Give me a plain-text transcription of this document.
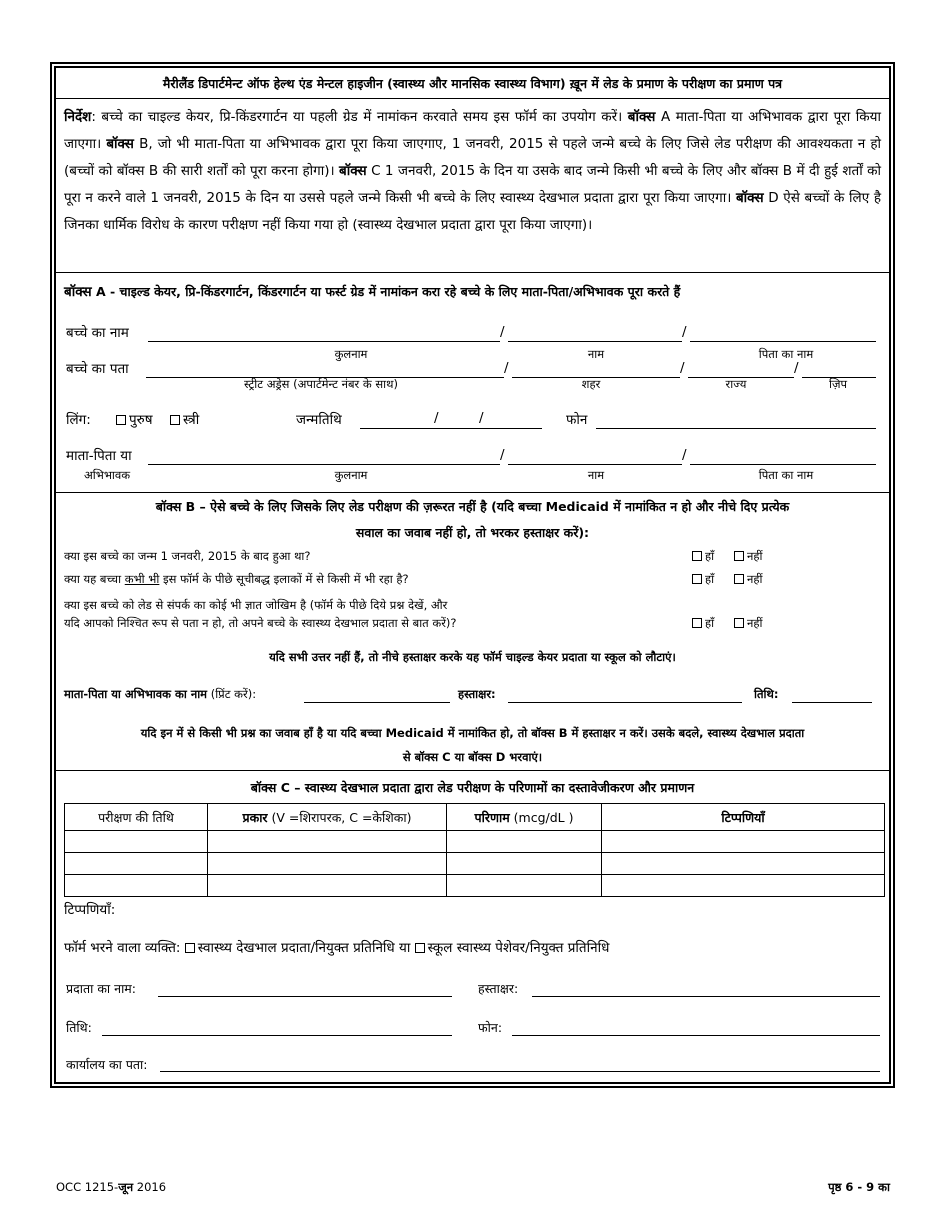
मैरीलैंड डिपार्टमेन्ट ऑफ हेल्थ एंड मेन्टल हाइजीन (स्वास्थ्य और मानसिक स्वास्थ्य विभाग) ख़ून में लेड के प्रमाण के परीक्षण का प्रमाण पत्र
निर्देश: बच्चे का चाइल्ड केयर, प्रि-किंडरगार्टन या पहली ग्रेड में नामांकन करवाते समय इस फॉर्म का उपयोग करें। बॉक्स A माता-पिता या अभिभावक द्वारा पूरा किया जाएगा। बॉक्स B, जो भी माता-पिता या अभिभावक द्वारा पूरा किया जाएगाए, 1 जनवरी, 2015 से पहले जन्मे बच्चे के लिए जिसे लेड परीक्षण की आवश्यकता न हो (बच्चों को बॉक्स B की सारी शर्तों को पूरा करना होगा)। बॉक्स C 1 जनवरी, 2015 के दिन या उसके बाद जन्मे किसी भी बच्चे के लिए और बॉक्स B में दी हुई शर्तों को पूरा न करने वाले 1 जनवरी, 2015 के दिन या उससे पहले जन्मे किसी भी बच्चे के लिए स्वास्थ्य देखभाल प्रदाता द्वारा पूरा किया जाएगा। बॉक्स D ऐसे बच्चों के लिए है जिनका धार्मिक विरोध के कारण परीक्षण नहीं किया गया हो (स्वास्थ्य देखभाल प्रदाता द्वारा पूरा किया जाएगा)।
बॉक्स A - चाइल्ड केयर, प्रि-किंडरगार्टन, किंडरगार्टन या फर्स्ट ग्रेड में नामांकन करा रहे बच्चे के लिए माता-पिता/अभिभावक पूरा करते हैं
बच्चे का नाम	/	/
कुलनाम	नाम	पिता का नाम
बच्चे का पता	/	/	/
स्ट्रीट अड्रेस (अपार्टमेन्ट नंबर के साथ)	शहर	राज्य	ज़िप
लिंग:	पुरुष	स्त्री	जन्मतिथि	/	/	फोन
माता-पिता या	/	/
अभिभावक	कुलनाम	नाम	पिता का नाम
बॉक्स B – ऐसे बच्चे के लिए जिसके लिए लेड परीक्षण की ज़रूरत नहीं है (यदि बच्चा Medicaid में नामांकित न हो और नीचे दिए प्रत्येक
सवाल का जवाब नहीं हो, तो भरकर हस्ताक्षर करें):
क्या इस बच्चे का जन्म 1 जनवरी, 2015 के बाद हुआ था?	हाँ	नहीं
क्या यह बच्चा कभी भी इस फॉर्म के पीछे सूचीबद्ध इलाकों में से किसी में भी रहा है?	हाँ	नहीं
क्या इस बच्चे को लेड से संपर्क का कोई भी ज्ञात जोखिम है (फॉर्म के पीछे दिये प्रश्न देखें, और
यदि आपको निश्चित रूप से पता न हो, तो अपने बच्चे के स्वास्थ्य देखभाल प्रदाता से बात करें)?	हाँ	नहीं
यदि सभी उत्तर नहीं हैं, तो नीचे हस्ताक्षर करके यह फॉर्म चाइल्ड केयर प्रदाता या स्कूल को लौटाएं।
माता-पिता या अभिभावक का नाम (प्रिंट करें):	हस्ताक्षर:	तिथि:
यदि इन में से किसी भी प्रश्न का जवाब हाँ है या यदि बच्चा Medicaid में नामांकित हो, तो बॉक्स B में हस्ताक्षर न करें। उसके बदले, स्वास्थ्य देखभाल प्रदाता
से बॉक्स C या बॉक्स D भरवाएं।
बॉक्स C – स्वास्थ्य देखभाल प्रदाता द्वारा लेड परीक्षण के परिणामों का दस्तावेजीकरण और प्रमाणन
परीक्षण की तिथि	प्रकार (V =शिरापरक, C =केशिका)	परिणाम (mcg/dL )	टिप्पणियाँ

टिप्पणियाँ:
फॉर्म भरने वाला व्यक्ति: स्वास्थ्य देखभाल प्रदाता/नियुक्त प्रतिनिधि या स्कूल स्वास्थ्य पेशेवर/नियुक्त प्रतिनिधि
प्रदाता का नाम:	हस्ताक्षर:
तिथि:	फोन:
कार्यालय का पता:
OCC 1215-जून 2016	पृष्ठ 6 - 9 का
